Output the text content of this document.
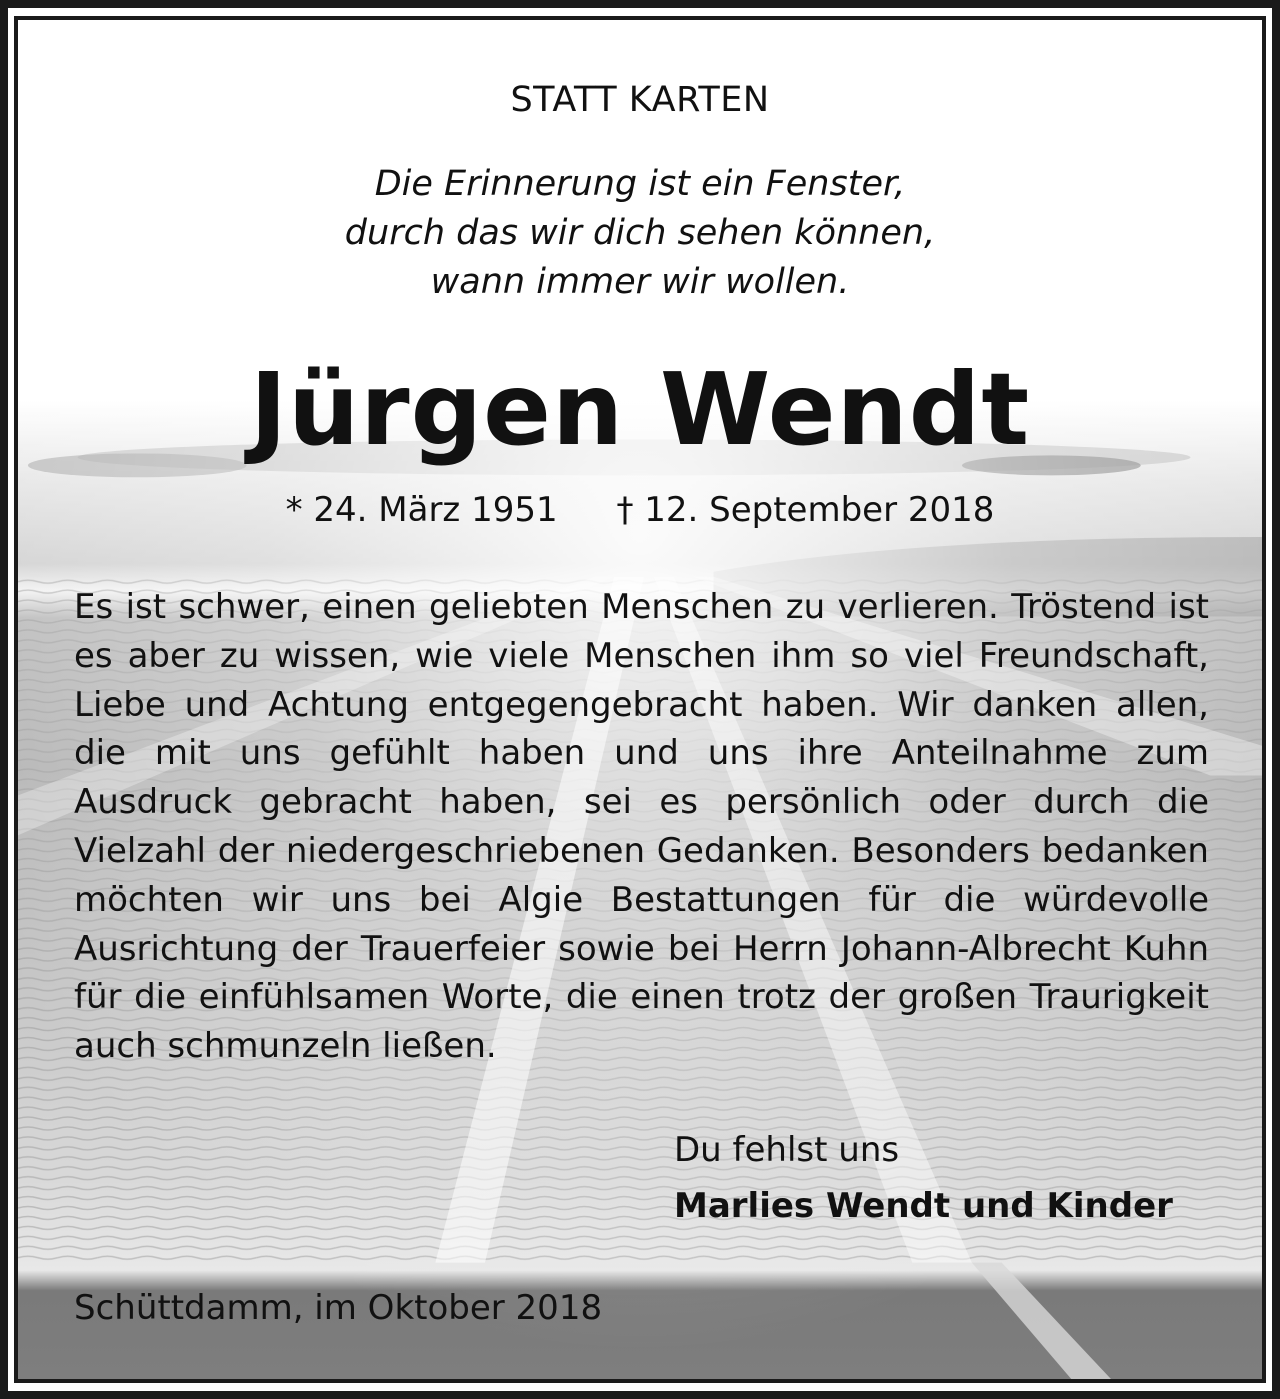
STATT KARTEN
Die Erinnerung ist ein Fenster,
durch das wir dich sehen können,
wann immer wir wollen.
Jürgen Wendt
* 24. März 1951 † 12. September 2018
Es ist schwer, einen geliebten Menschen zu verlieren. Tröstend ist es aber zu wissen, wie viele Menschen ihm so viel Freundschaft, Liebe und Achtung entgegengebracht haben. Wir danken allen, die mit uns gefühlt haben und uns ihre Anteilnahme zum Ausdruck gebracht haben, sei es persönlich oder durch die Vielzahl der niedergeschriebenen Gedanken. Besonders bedanken möchten wir uns bei Algie Bestattungen für die würdevolle Ausrichtung der Trauerfeier sowie bei Herrn Johann-Albrecht Kuhn für die einfühlsamen Worte, die einen trotz der großen Traurigkeit auch schmunzeln ließen.
Du fehlst uns
Marlies Wendt und Kinder
Schüttdamm, im Oktober 2018
